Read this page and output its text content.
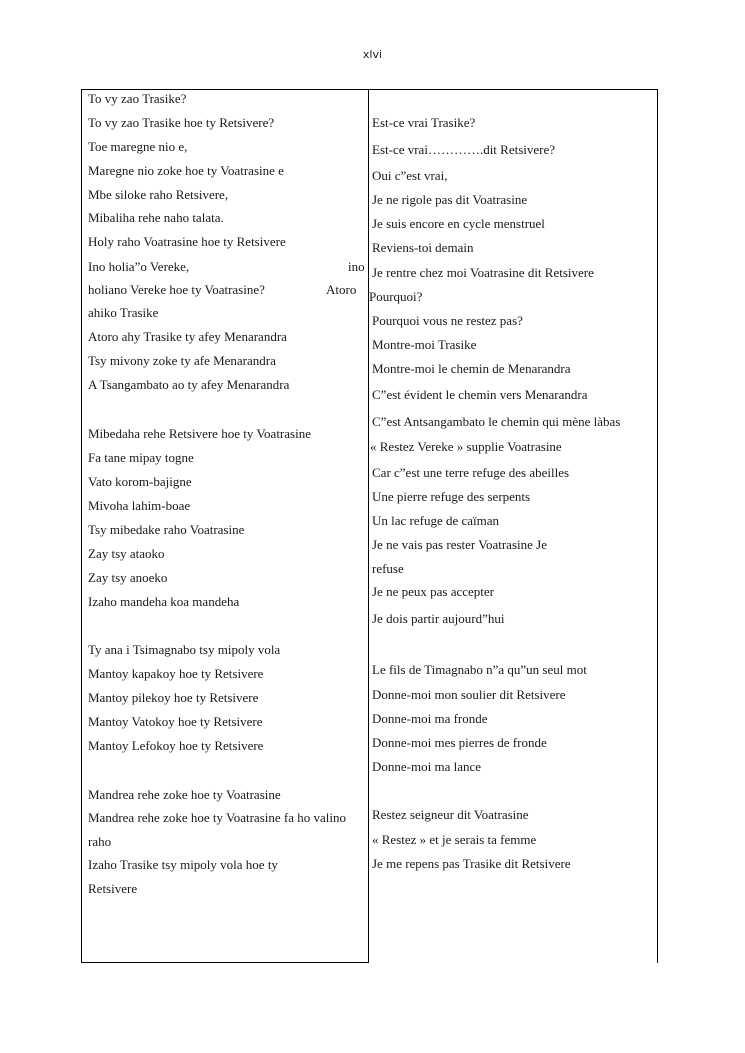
xlvi
To vy zao Trasike?
To vy zao Trasike hoe ty Retsivere?
Toe maregne nio e,
Maregne nio zoke hoe ty Voatrasine e
Mbe siloke raho Retsivere,
Mibaliha rehe naho talata.
Holy raho Voatrasine hoe ty Retsivere
Ino holia”o Vereke,	ino
holiano Vereke hoe ty Voatrasine?	Atoro
ahiko Trasike
Atoro ahy Trasike ty afey Menarandra
Tsy mivony zoke ty afe Menarandra
A Tsangambato ao ty afey Menarandra
Mibedaha rehe Retsivere hoe ty Voatrasine
Fa tane mipay togne
Vato korom-bajigne
Mivoha lahim-boae
Tsy mibedake raho Voatrasine
Zay tsy ataoko
Zay tsy anoeko
Izaho mandeha koa mandeha
Ty ana i Tsimagnabo tsy mipoly vola
Mantoy kapakoy hoe ty Retsivere
Mantoy pilekoy hoe ty Retsivere
Mantoy Vatokoy hoe ty Retsivere
Mantoy Lefokoy hoe ty Retsivere
Mandrea rehe zoke hoe ty Voatrasine
Mandrea rehe zoke hoe ty Voatrasine fa ho valino
raho
Izaho Trasike tsy mipoly vola hoe ty
Retsivere
Est-ce vrai Trasike?
Est-ce vrai………….dit Retsivere?
Oui c”est vrai,
Je ne rigole pas dit Voatrasine
Je suis encore en cycle menstruel
Reviens-toi demain
Je rentre chez moi Voatrasine dit Retsivere
Pourquoi?
Pourquoi vous ne restez pas?
Montre-moi Trasike
Montre-moi le chemin de Menarandra
C”est évident le chemin vers Menarandra
C”est Antsangambato le chemin qui mène làbas
« Restez Vereke » supplie Voatrasine
Car c”est une terre refuge des abeilles
Une pierre refuge des serpents
Un lac refuge de caïman
Je ne vais pas rester Voatrasine Je
refuse
Je ne peux pas accepter
Je dois partir aujourd”hui
Le fils de Timagnabo n”a qu”un seul mot
Donne-moi mon soulier dit Retsivere
Donne-moi ma fronde
Donne-moi mes pierres de fronde
Donne-moi ma lance
Restez seigneur dit Voatrasine
« Restez » et je serais ta femme
Je me repens pas Trasike dit Retsivere
